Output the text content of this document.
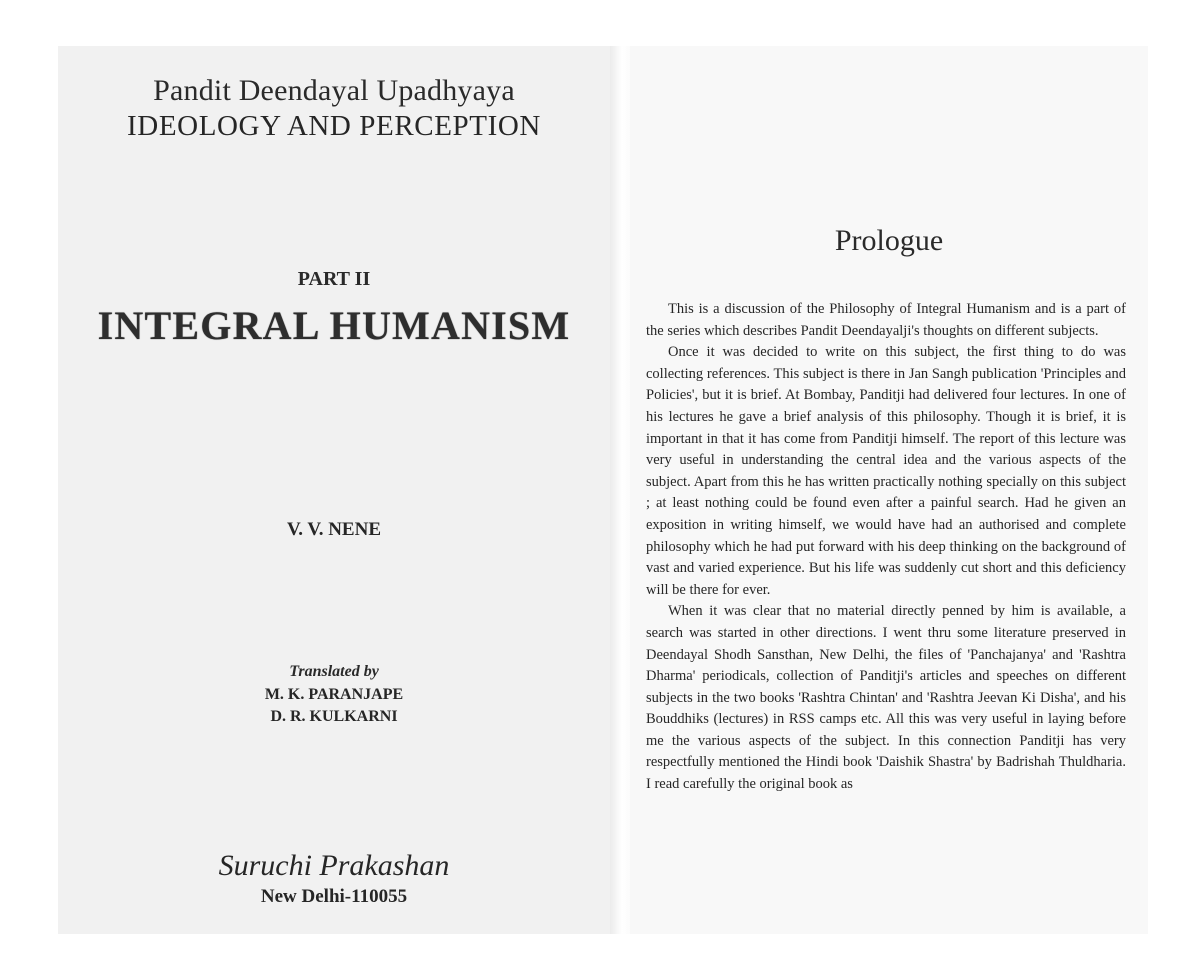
Pandit Deendayal Upadhyaya
IDEOLOGY AND PERCEPTION
PART II
INTEGRAL HUMANISM
V. V. NENE
Translated by
M. K. PARANJAPE
D. R. KULKARNI
Suruchi Prakashan
New Delhi-110055
Prologue

This is a discussion of the Philosophy of Integral Humanism and is a part of the series which describes Pandit Deendayalji's thoughts on different subjects.

Once it was decided to write on this subject, the first thing to do was collecting references. This subject is there in Jan Sangh publication 'Principles and Policies', but it is brief. At Bombay, Panditji had delivered four lectures. In one of his lectures he gave a brief analysis of this philosophy. Though it is brief, it is important in that it has come from Panditji himself. The report of this lecture was very useful in understanding the central idea and the various aspects of the subject. Apart from this he has written practically nothing specially on this subject ; at least nothing could be found even after a painful search. Had he given an exposition in writing himself, we would have had an authorised and complete philosophy which he had put forward with his deep thinking on the background of vast and varied experience. But his life was suddenly cut short and this deficiency will be there for ever.

When it was clear that no material directly penned by him is available, a search was started in other directions. I went thru some literature preserved in Deendayal Shodh Sansthan, New Delhi, the files of 'Panchajanya' and 'Rashtra Dharma' periodicals, collection of Panditji's articles and speeches on different subjects in the two books 'Rashtra Chintan' and 'Rashtra Jeevan Ki Disha', and his Bouddhiks (lectures) in RSS camps etc. All this was very useful in laying before me the various aspects of the subject. In this connection Panditji has very respectfully mentioned the Hindi book 'Daishik Shastra' by Badrishah Thuldharia. I read carefully the original book as
